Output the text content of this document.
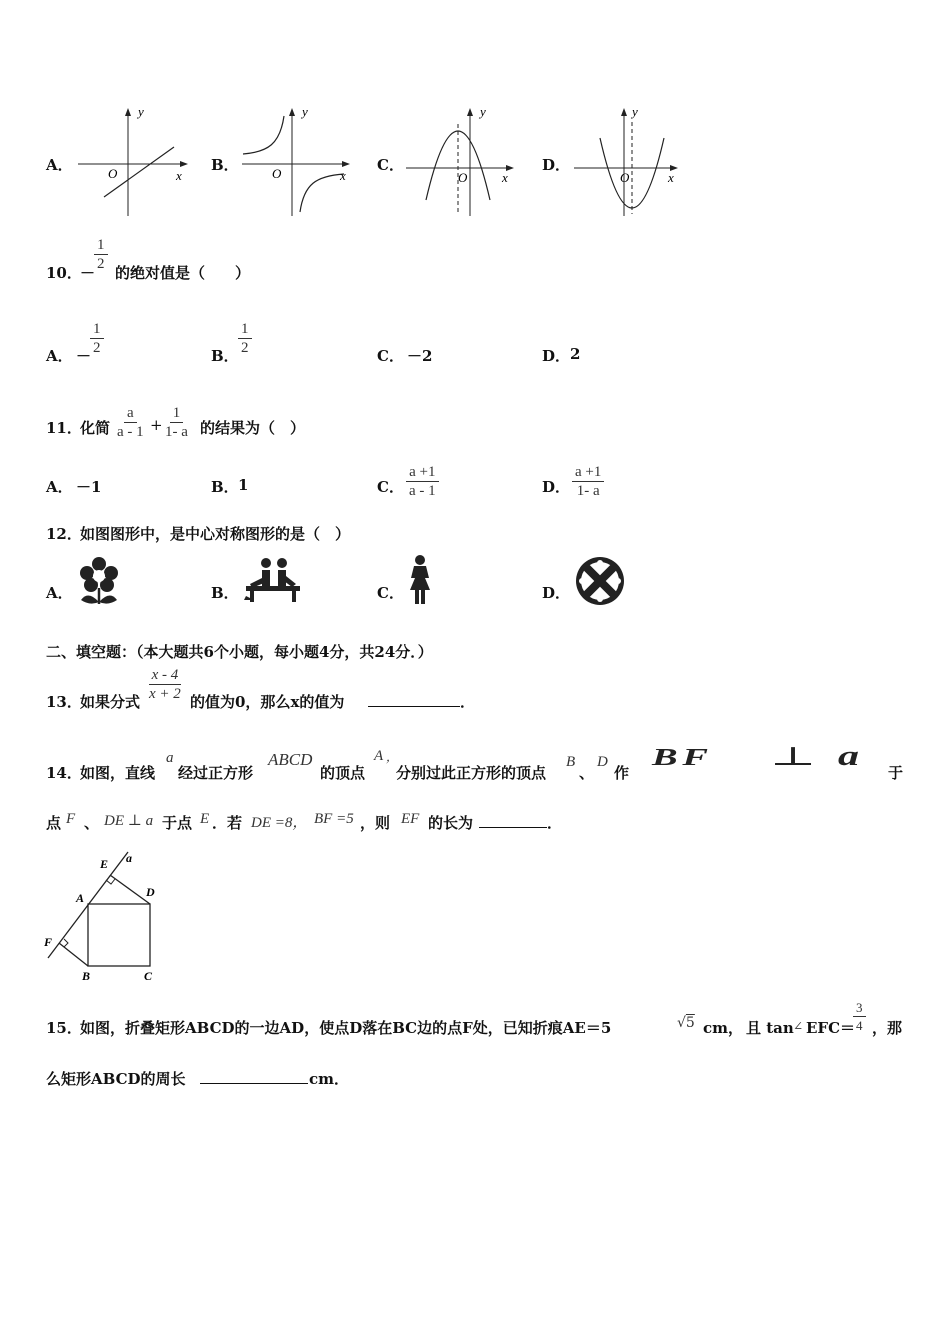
A．
y
x
O	B．
y
x
O	C．
y
x
O
D．
y
x
O
10．
－
$\frac{1}{2}$ 的绝对值是（　　）
A． －
$\frac{1}{2}$	B． $\frac{1}{2}$	C． －2	D． 2
11．
化简 $\frac{a}{a - 1} + \frac{1}{1- a}$ 的结果为（　）
A． －1	B． 1	C． $\frac{a +1}{a - 1}$	D． $\frac{a +1}{1- a}$
12．
如图图形中，是中心对称图形的是（　）
A．	B．	C．	D．
二、填空题：（本大题共6个小题，每小题4分，共24分．）
13．
如果分式 $\frac{x - 4}{x + 2}$ 的值为0，那么x的值为	．
14．
如图，直线
a
经过正方形
ABCD
的顶点
A ，
分别过此正方形的顶点
B
、
D
作
BF ⊥ a
于
点 F 、 DE ⊥ a 于点 E ．若 DE =8， BF =5 ，则 EF 的长为	．
E a
D
A
F
B	C
15．
如图，折叠矩形ABCD的一边AD，使点D落在BC边的点F处，已知折痕AE＝5	√5 cm， 且 tan ∠ EFC＝
$\frac{3}{4}$ ，那
么矩形ABCD的周长	cm．
